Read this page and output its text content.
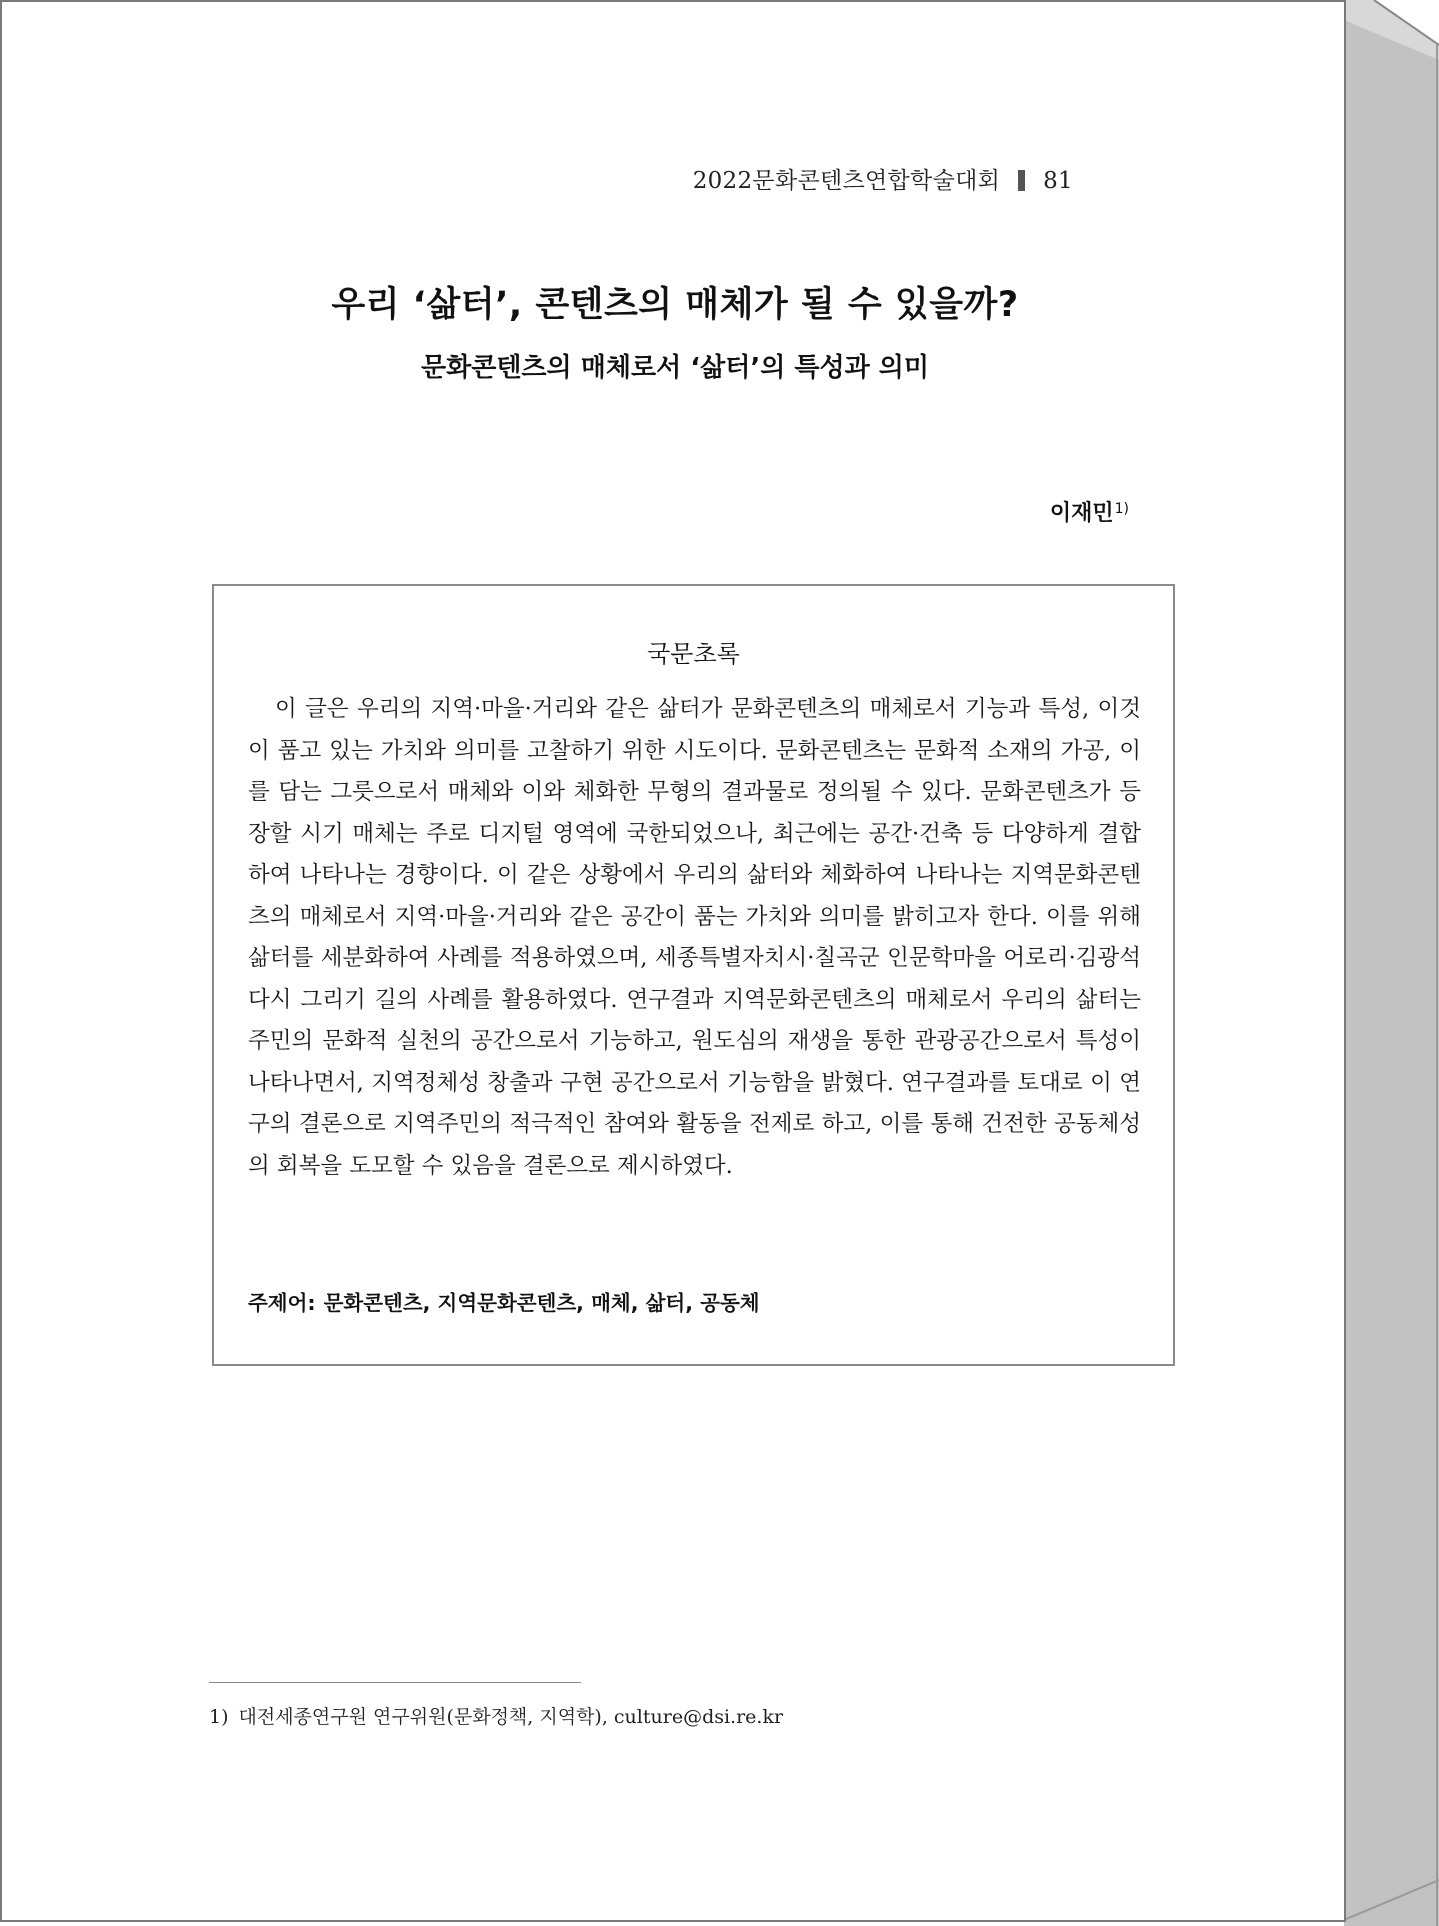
2022문화콘텐츠연합학술대회 81
우리 ‘삶터’, 콘텐츠의 매체가 될 수 있을까?
문화콘텐츠의 매체로서 ‘삶터’의 특성과 의미
이재민$^{1)}$
국문초록

이 글은 우리의 지역·마을·거리와 같은 삶터가 문화콘텐츠의 매체로서 기능과 특성, 이것이 품고 있는 가치와 의미를 고찰하기 위한 시도이다. 문화콘텐츠는 문화적 소재의 가공, 이를 담는 그릇으로서 매체와 이와 체화한 무형의 결과물로 정의될 수 있다. 문화콘텐츠가 등장할 시기 매체는 주로 디지털 영역에 국한되었으나, 최근에는 공간·건축 등 다양하게 결합하여 나타나는 경향이다. 이 같은 상황에서 우리의 삶터와 체화하여 나타나는 지역문화콘텐츠의 매체로서 지역·마을·거리와 같은 공간이 품는 가치와 의미를 밝히고자 한다. 이를 위해 삶터를 세분화하여 사례를 적용하였으며, 세종특별자치시·칠곡군 인문학마을 어로리·김광석 다시 그리기 길의 사례를 활용하였다. 연구결과 지역문화콘텐츠의 매체로서 우리의 삶터는 주민의 문화적 실천의 공간으로서 기능하고, 원도심의 재생을 통한 관광공간으로서 특성이 나타나면서, 지역정체성 창출과 구현 공간으로서 기능함을 밝혔다. 연구결과를 토대로 이 연구의 결론으로 지역주민의 적극적인 참여와 활동을 전제로 하고, 이를 통해 건전한 공동체성의 회복을 도모할 수 있음을 결론으로 제시하였다.

주제어: 문화콘텐츠, 지역문화콘텐츠, 매체, 삶터, 공동체
1) 대전세종연구원 연구위원(문화정책, 지역학), culture@dsi.re.kr
